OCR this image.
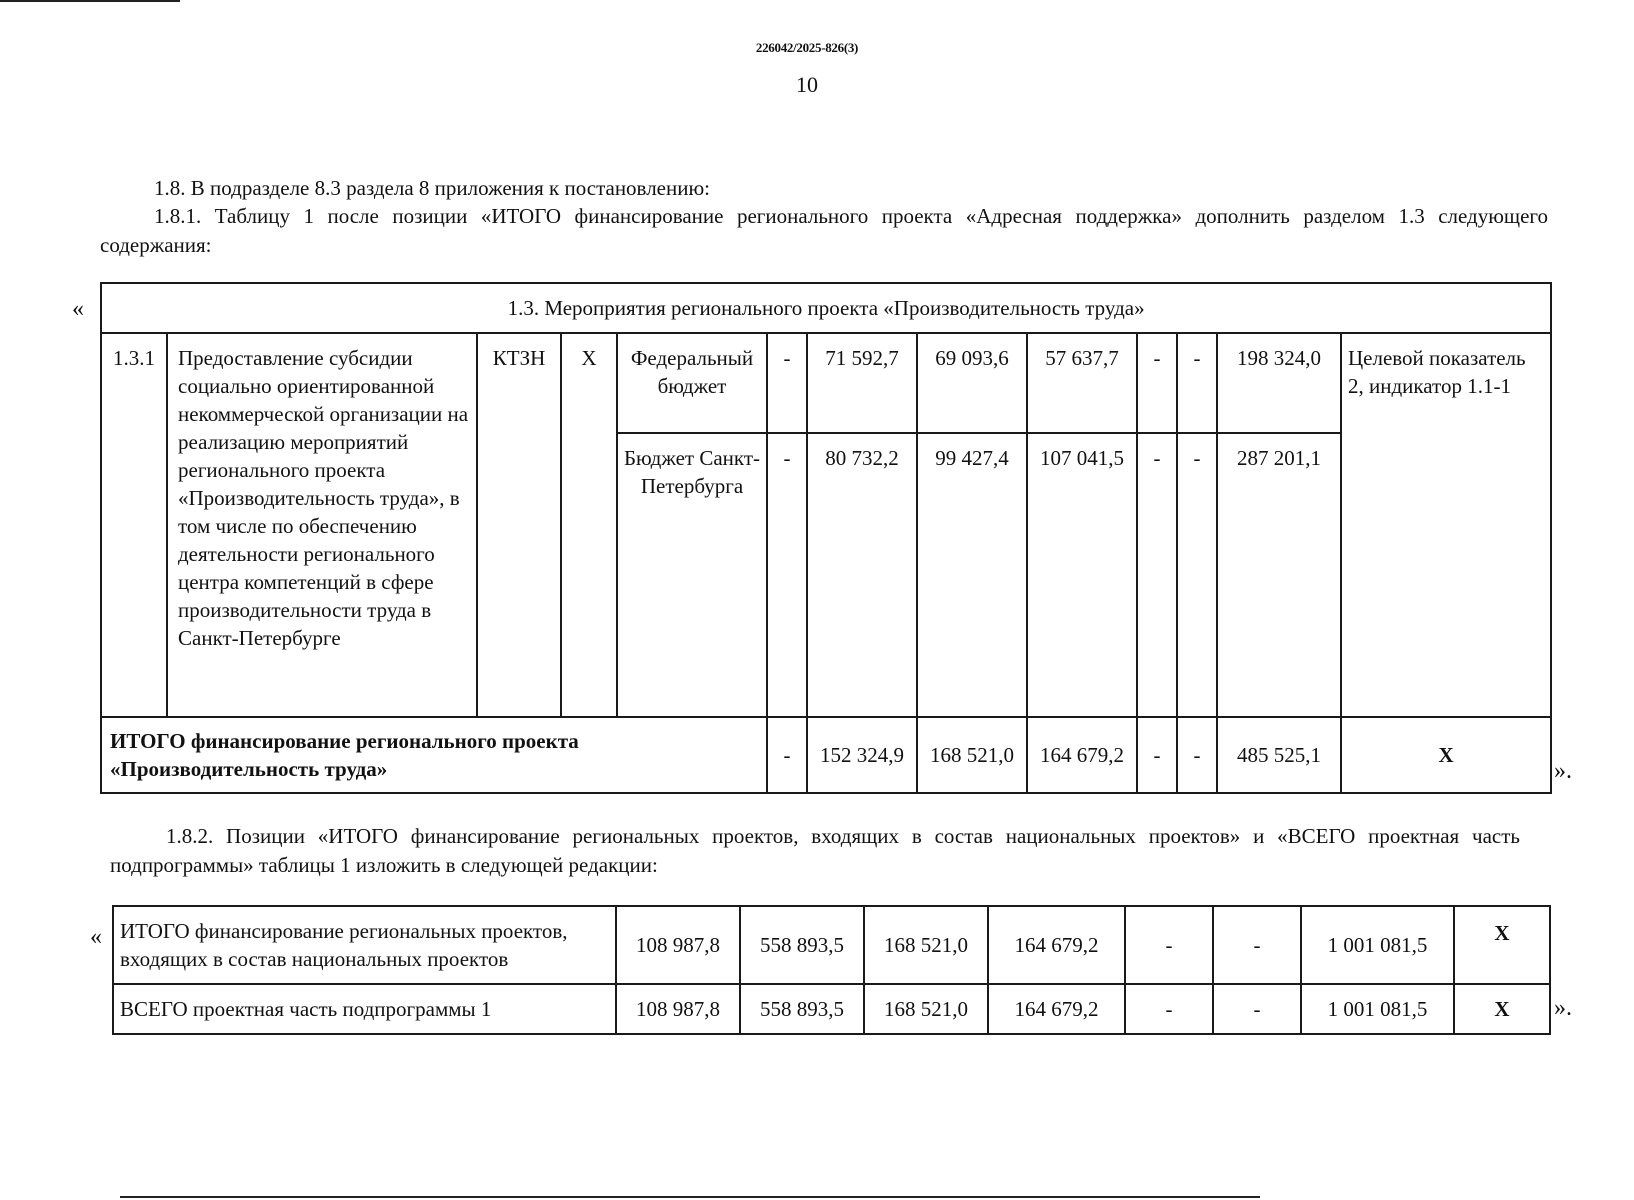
226042/2025-826(3)
10
1.8. В подразделе 8.3 раздела 8 приложения к постановлению:
1.8.1. Таблицу 1 после позиции «ИТОГО финансирование регионального проекта «Адресная поддержка» дополнить разделом 1.3 следующего содержания:
«	1.3. Мероприятия регионального проекта «Производительность труда»												
1.3.1	Предоставление субсидии социально ориентированной некоммерческой организации на реализацию мероприятий регионального проекта «Производительность труда», в том числе по обеспечению деятельности регионального центра компетенций в сфере производительности труда в Санкт-Петербурге	КТЗН	Х	Федеральный бюджет	-	71 592,7	69 093,6	57 637,7	-	-	198 324,0	Целевой показатель 2, индикатор 1.1-1
				Бюджет Санкт-Петербурга	-	80 732,2	99 427,4	107 041,5	-	-	287 201,1	
ИТОГО финансирование регионального проекта «Производительность труда»					-	152 324,9	168 521,0	164 679,2	-	-	485 525,1	Х
».
1.8.2. Позиции «ИТОГО финансирование региональных проектов, входящих в состав национальных проектов» и «ВСЕГО проектная часть подпрограммы» таблицы 1 изложить в следующей редакции:
« ИТОГО финансирование региональных проектов, входящих в состав национальных проектов	108 987,8	558 893,5	168 521,0	164 679,2	-	-	1 001 081,5	Х
ВСЕГО проектная часть подпрограммы 1	108 987,8	558 893,5	168 521,0	164 679,2	-	-	1 001 081,5	Х ».
